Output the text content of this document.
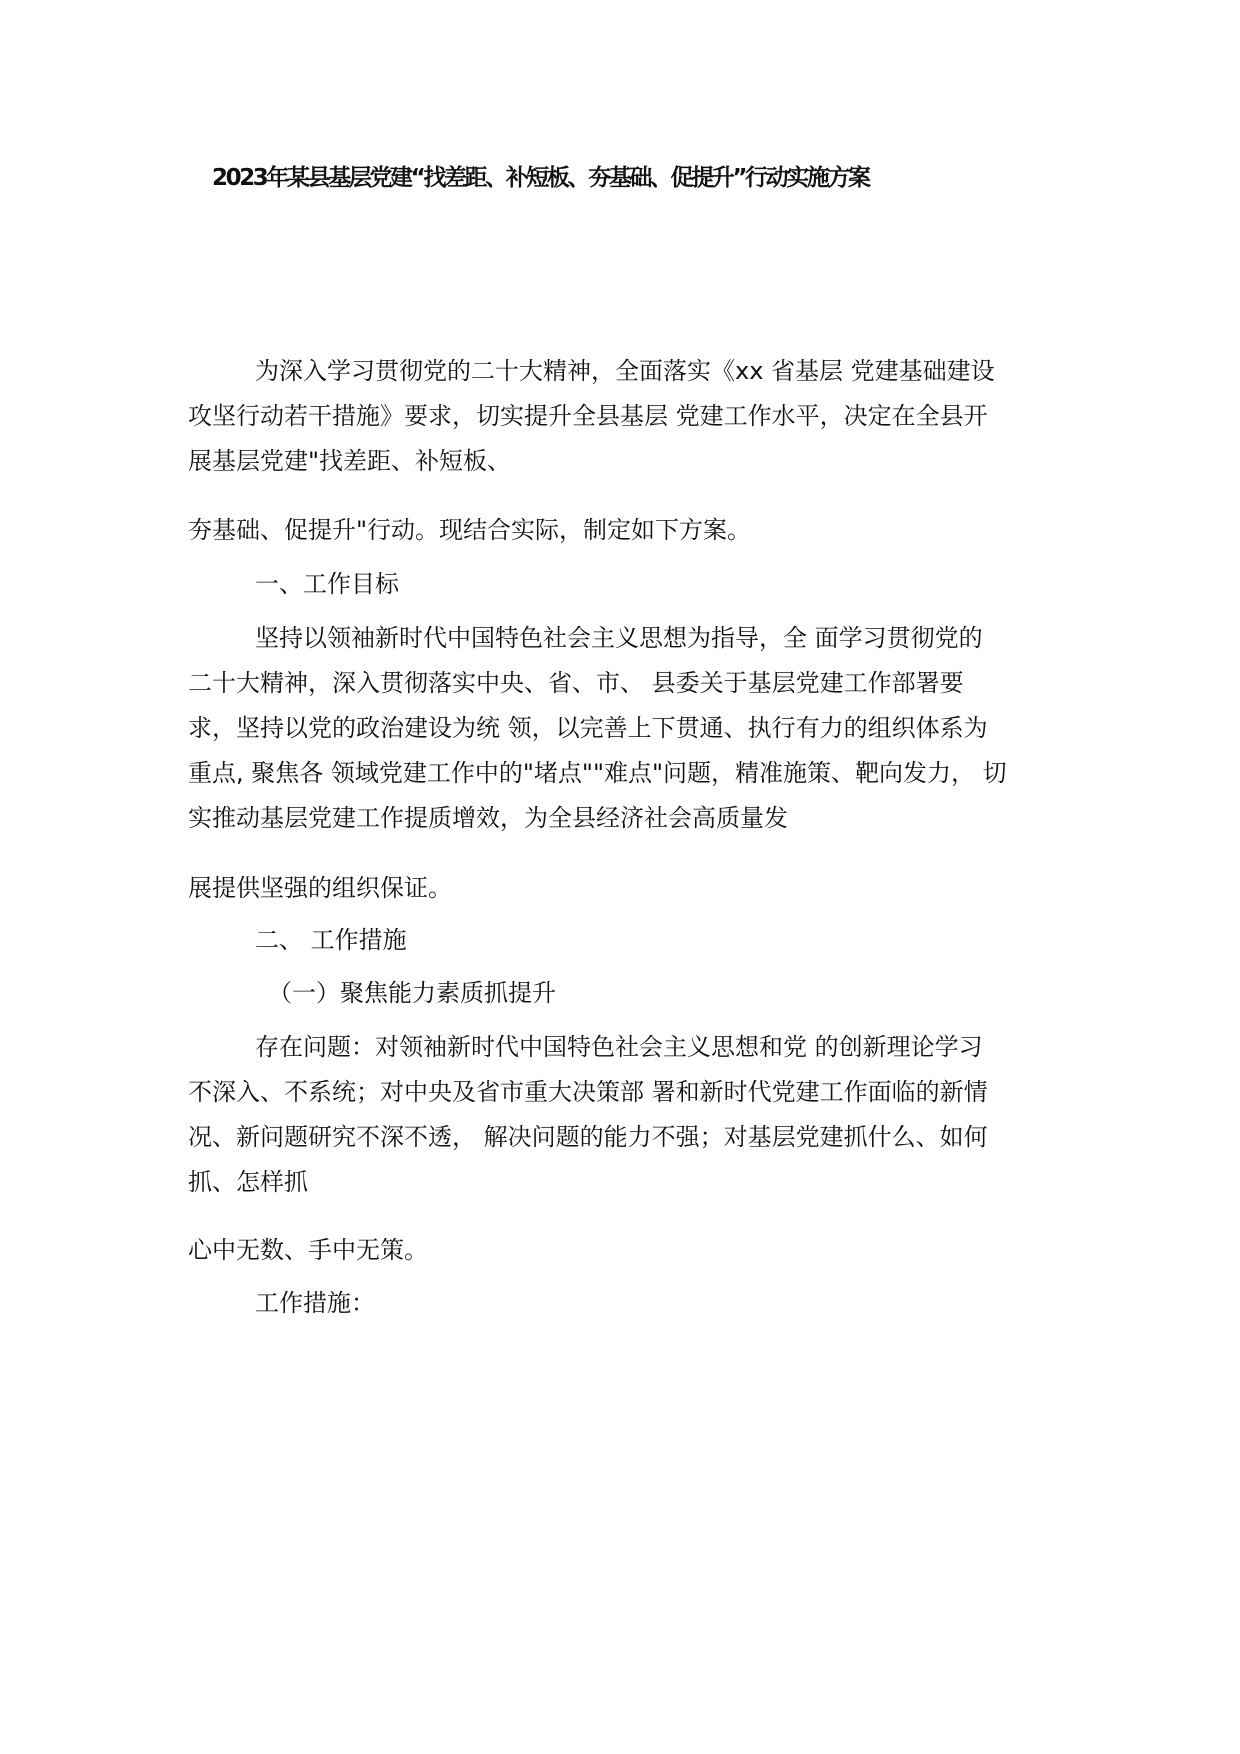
2023年某县基层党建“找差距、补短板、夯基础、促提升”行动实施方案
为深入学习贯彻党的二十大精神，全面落实《xx 省基层 党建基础建设
攻坚行动若干措施》要求，切实提升全县基层 党建工作水平，决定在全县开
展基层党建"找差距、补短板、
夯基础、促提升"行动。现结合实际，制定如下方案。
一、工作目标
坚持以领袖新时代中国特色社会主义思想为指导，全 面学习贯彻党的
二十大精神，深入贯彻落实中央、省、市、 县委关于基层党建工作部署要
求，坚持以党的政治建设为统 领，以完善上下贯通、执行有力的组织体系为
重点, 聚焦各 领域党建工作中的"堵点""难点"问题，精准施策、靶向发力， 切
实推动基层党建工作提质增效，为全县经济社会高质量发
展提供坚强的组织保证。
二、 工作措施
（一）聚焦能力素质抓提升
存在问题：对领袖新时代中国特色社会主义思想和党 的创新理论学习
不深入、不系统；对中央及省市重大决策部 署和新时代党建工作面临的新情
况、新问题研究不深不透， 解决问题的能力不强；对基层党建抓什么、如何
抓、怎样抓
心中无数、手中无策。
工作措施：
